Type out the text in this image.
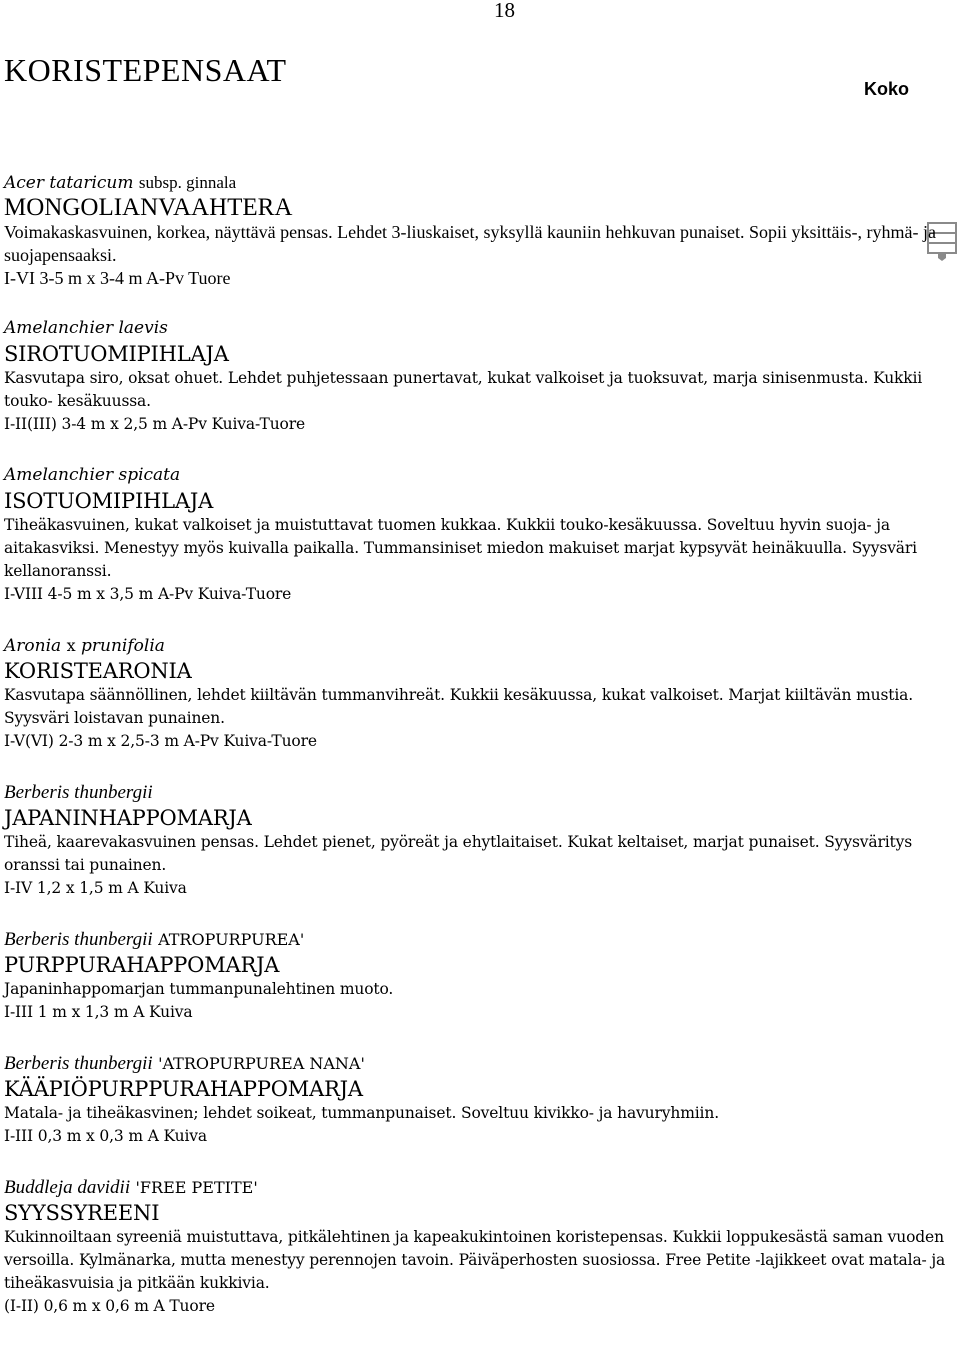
18
KORISTEPENSAAT
Koko
Acer tataricum subsp. ginnala
MONGOLIANVAAHTERA
Voimakaskasvuinen, korkea, näyttävä pensas. Lehdet 3-liuskaiset, syksyllä kauniin hehkuvan punaiset. Sopii yksittäis-, ryhmä- ja suojapensaaksi.
I-VI 3-5 m x 3-4 m A-Pv Tuore
Amelanchier laevis
SIROTUOMIPIHLAJA
Kasvutapa siro, oksat ohuet. Lehdet puhjetessaan punertavat, kukat valkoiset ja tuoksuvat, marja sinisenmusta. Kukkii touko- kesäkuussa.
I-II(III) 3-4 m x 2,5 m A-Pv Kuiva-Tuore
Amelanchier spicata
ISOTUOMIPIHLAJA
Tiheäkasvuinen, kukat valkoiset ja muistuttavat tuomen kukkaa. Kukkii touko-kesäkuussa. Soveltuu hyvin suoja- ja aitakasviksi. Menestyy myös kuivalla paikalla. Tummansiniset miedon makuiset marjat kypsyvät heinäkuulla. Syysväri kellanoranssi.
I-VIII 4-5 m x 3,5 m A-Pv Kuiva-Tuore
Aronia x prunifolia
KORISTEARONIA
Kasvutapa säännöllinen, lehdet kiiltävän tummanvihreät. Kukkii kesäkuussa, kukat valkoiset. Marjat kiiltävän mustia. Syysväri loistavan punainen.
I-V(VI) 2-3 m x 2,5-3 m A-Pv Kuiva-Tuore
Berberis thunbergii
JAPANINHAPPOMARJA
Tiheä, kaarevakasvuinen pensas. Lehdet pienet, pyöreät ja ehytlaitaiset. Kukat keltaiset, marjat punaiset. Syysväritys oranssi tai punainen.
I-IV 1,2 x 1,5 m A Kuiva
Berberis thunbergii ATROPURPUREA'
PURPPURAHAPPOMARJA
Japaninhappomarjan tummanpunalehtinen muoto.
I-III 1 m x 1,3 m A Kuiva
Berberis thunbergii 'ATROPURPUREA NANA'
KÄÄPIÖPURPPURAHAPPOMARJA
Matala- ja tiheäkasvinen; lehdet soikeat, tummanpunaiset. Soveltuu kivikko- ja havuryhmiin.
I-III 0,3 m x 0,3 m A Kuiva
Buddleja davidii 'FREE PETITE'
SYYSSYREENI
Kukinnoiltaan syreeniä muistuttava, pitkälehtinen ja kapeakukintoinen koristepensas. Kukkii loppukesästä saman vuoden versoilla. Kylmänarka, mutta menestyy perennojen tavoin. Päiväperhosten suosiossa. Free Petite -lajikkeet ovat matala- ja tiheäkasvuisia ja pitkään kukkivia.
(I-II) 0,6 m x 0,6 m A Tuore
